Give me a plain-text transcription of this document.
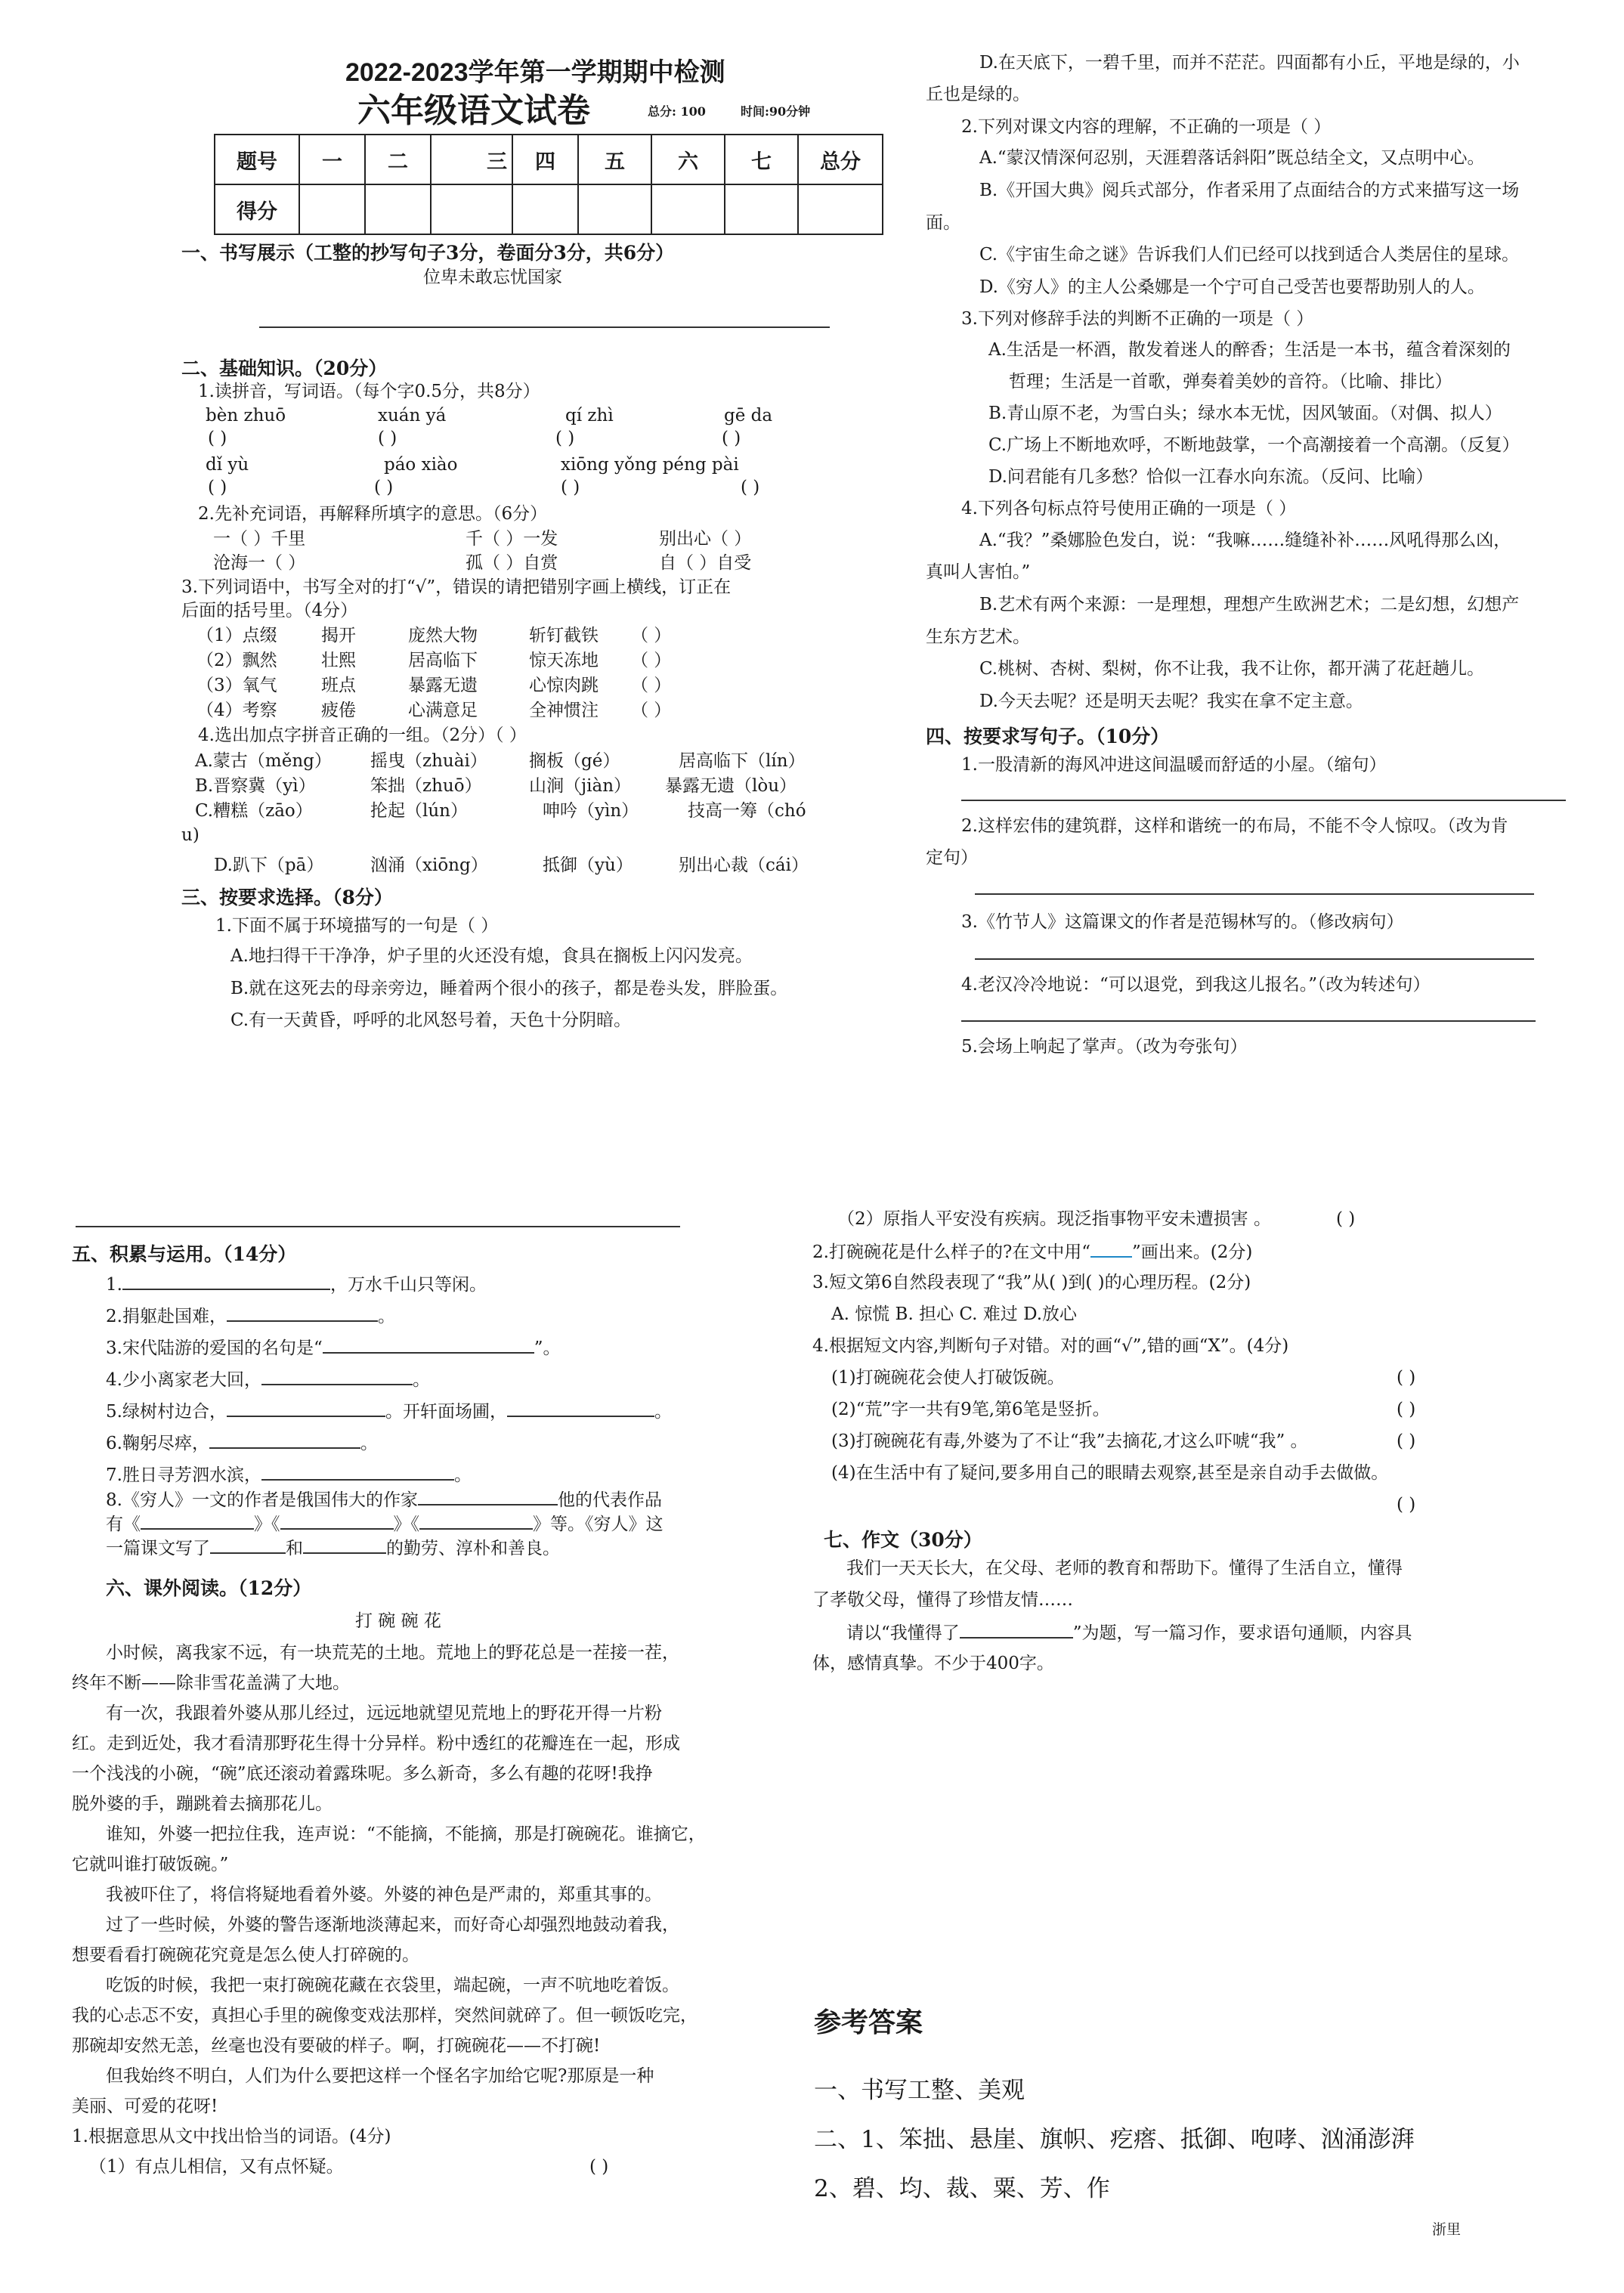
2022-2023学年第一学期期中检测
六年级语文试卷	总分: 100	时间:90分钟
题号	一	二	三	四	五	六	七	总分
得分								
一、书写展示（工整的抄写句子3分，卷面分3分，共6分）
位卑未敢忘忧国家
二、基础知识。（20分）
1.读拼音，写词语。（每个字0.5分，共8分）
bèn zhuō	xuán yá	qí zhì	gē da
( )	( )	( )	( )
dǐ yù	páo xiào	xiōng yǒng péng pài
( )	( )	( )	( )
2.先补充词语，再解释所填字的意思。（6分）
一（ ）千里	千（ ）一发	别出心（ ）
沧海一（ ）	孤（ ）自赏	自（ ）自受
3.下列词语中，书写全对的打“√”，错误的请把错别字画上横线，订正在
后面的括号里。（4分）
（1）点缀	揭开	庞然大物	斩钉截铁 （ ）
（2）飘然	壮熙	居高临下	惊天冻地 （ ）
（3）氧气	班点	暴露无遗	心惊肉跳 （ ）
（4）考察	疲倦	心满意足	全神惯注 （ ）
4.选出加点字拼音正确的一组。（2分）（ ）
A.蒙古（měng） 摇曳（zhuài） 搁板（gé）	居高临下（lín）
B.晋察冀（yì）	笨拙（zhuō）	山涧（jiàn） 暴露无遗（lòu）
C.糟糕（zāo）	抡起（lún）	呻吟（yìn）	技高一筹（chó
u)
D.趴下（pā）	汹涌（xiōng）	抵御（yù）	别出心裁（cái）
三、按要求选择。（8分）
1.下面不属于环境描写的一句是（ ）
A.地扫得干干净净，炉子里的火还没有熄，食具在搁板上闪闪发亮。
B.就在这死去的母亲旁边，睡着两个很小的孩子，都是卷头发，胖脸蛋。
C.有一天黄昏，呼呼的北风怒号着，天色十分阴暗。
D.在天底下，一碧千里，而并不茫茫。四面都有小丘，平地是绿的，小
丘也是绿的。
2.下列对课文内容的理解，不正确的一项是（ ）
A.“蒙汉情深何忍别，天涯碧落话斜阳”既总结全文，又点明中心。
B.《开国大典》阅兵式部分，作者采用了点面结合的方式来描写这一场
面。
C.《宇宙生命之谜》告诉我们人们已经可以找到适合人类居住的星球。
D.《穷人》的主人公桑娜是一个宁可自己受苦也要帮助别人的人。
3.下列对修辞手法的判断不正确的一项是（ ）
A.生活是一杯酒，散发着迷人的醉香；生活是一本书，蕴含着深刻的
哲理；生活是一首歌，弹奏着美妙的音符。（比喻、排比）
B.青山原不老，为雪白头；绿水本无忧，因风皱面。（对偶、拟人）
C.广场上不断地欢呼，不断地鼓掌，一个高潮接着一个高潮。（反复）
D.问君能有几多愁？恰似一江春水向东流。（反问、比喻）
4.下列各句标点符号使用正确的一项是（ ）
A.“我？”桑娜脸色发白，说：“我嘛……缝缝补补……风吼得那么凶，
真叫人害怕。”
B.艺术有两个来源：一是理想，理想产生欧洲艺术；二是幻想，幻想产
生东方艺术。
C.桃树、杏树、梨树，你不让我，我不让你，都开满了花赶趟儿。
D.今天去呢？还是明天去呢？我实在拿不定主意。
四、按要求写句子。（10分）
1.一股清新的海风冲进这间温暖而舒适的小屋。（缩句）
2.这样宏伟的建筑群，这样和谐统一的布局，不能不令人惊叹。（改为肯
定句）
3.《竹节人》这篇课文的作者是范锡林写的。（修改病句）
4.老汉冷冷地说：“可以退党，到我这儿报名。”（改为转述句）
5.会场上响起了掌声。（改为夸张句）
五、积累与运用。（14分）
1.	，万水千山只等闲。
2.捐躯赴国难，	。
3.宋代陆游的爱国的名句是“	”。
4.少小离家老大回，	。
5.绿树村边合，	。开轩面场圃，	。
6.鞠躬尽瘁，	。
7.胜日寻芳泗水滨，	。
8.《穷人》一文的作者是俄国伟大的作家	他的代表作品
有《	》《	》《	》等。《穷人》这
一篇课文写了	和	的勤劳、淳朴和善良。
六、课外阅读。（12分）
打 碗 碗 花
小时候，离我家不远，有一块荒芜的土地。荒地上的野花总是一茬接一茬，
终年不断——除非雪花盖满了大地。
有一次，我跟着外婆从那儿经过，远远地就望见荒地上的野花开得一片粉
红。走到近处，我才看清那野花生得十分异样。粉中透红的花瓣连在一起，形成
一个浅浅的小碗，“碗”底还滚动着露珠呢。多么新奇，多么有趣的花呀!我挣
脱外婆的手，蹦跳着去摘那花儿。
谁知，外婆一把拉住我，连声说：“不能摘，不能摘，那是打碗碗花。谁摘它，
它就叫谁打破饭碗。”
我被吓住了，将信将疑地看着外婆。外婆的神色是严肃的，郑重其事的。
过了一些时候，外婆的警告逐渐地淡薄起来，而好奇心却强烈地鼓动着我，
想要看看打碗碗花究竟是怎么使人打碎碗的。
吃饭的时候，我把一束打碗碗花藏在衣袋里，端起碗，一声不吭地吃着饭。
我的心忐忑不安，真担心手里的碗像变戏法那样，突然间就碎了。但一顿饭吃完，
那碗却安然无恙，丝毫也没有要破的样子。啊，打碗碗花——不打碗!
但我始终不明白，人们为什么要把这样一个怪名字加给它呢?那原是一种
美丽、可爱的花呀!
1.根据意思从文中找出恰当的词语。(4分)
（1）有点儿相信，又有点怀疑。	( )
（2）原指人平安没有疾病。现泛指事物平安未遭损害 。	( )
2.打碗碗花是什么样子的?在文中用“ ”画出来。(2分)
3.短文第6自然段表现了“我”从( )到( )的心理历程。(2分)
A. 惊慌 B. 担心 C. 难过 D.放心
4.根据短文内容,判断句子对错。对的画“√”,错的画“X”。(4分)
(1)打碗碗花会使人打破饭碗。	( )
(2)“荒”字一共有9笔,第6笔是竖折。	( )
(3)打碗碗花有毒,外婆为了不让“我”去摘花,才这么吓唬“我” 。	( )
(4)在生活中有了疑问,要多用自己的眼睛去观察,甚至是亲自动手去做做。
( )
七、作文（30分）
我们一天天长大，在父母、老师的教育和帮助下。懂得了生活自立，懂得
了孝敬父母，懂得了珍惜友情……
请以“我懂得了	”为题，写一篇习作，要求语句通顺，内容具
体，感情真挚。不少于400字。
参考答案
一、书写工整、美观
二、1、笨拙、悬崖、旗帜、疙瘩、抵御、咆哮、汹涌澎湃
2、碧、均、裁、粟、芳、作
浙里
